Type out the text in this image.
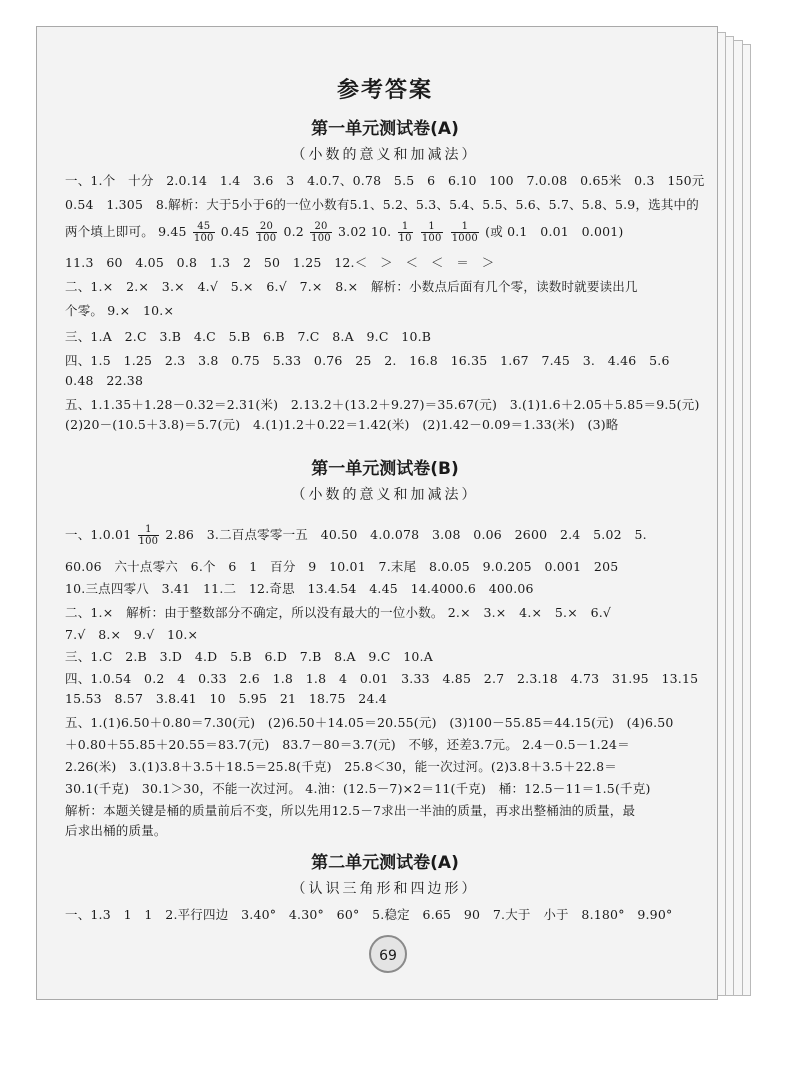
参考答案
第一单元测试卷(A)
（小数的意义和加减法）
一、1.个　十分　2.0.14　1.4　3.6　3　4.0.7、0.78　5.5　6　6.10　100　7.0.08　0.65米　0.3　150元
0.54　1.305　8.解析：大于5小于6的一位小数有5.1、5.2、5.3、5.4、5.5、5.6、5.7、5.8、5.9，选其中的
两个填上即可。 $9.45 \frac{45}{100} 0.45 \frac{20}{100} 0.2 \frac{20}{100} 3.02$ 10. $\frac{1}{10}$
$\frac{1}{100}$
$\frac{1}{1000}$ (或 0.1　0.01　0.001)
11.3　60　4.05　0.8　1.3　2　50　1.25　12.＜　＞　＜　＜　＝　＞
二、1.×　2.×　3.×　4.√　5.×　6.√　7.×　8.×　解析：小数点后面有几个零，读数时就要读出几
个零。 9.×　10.×
三、1.A　2.C　3.B　4.C　5.B　6.B　7.C　8.A　9.C　10.B
四、1.5　1.25　2.3　3.8　0.75　5.33　0.76　25　2.　16.8　16.35　1.67　7.45　3.　4.46　5.6
0.48　22.38
五、1.1.35＋1.28－0.32＝2.31(米)　2.13.2＋(13.2＋9.27)＝35.67(元)　3.(1)1.6＋2.05＋5.85＝9.5(元)
(2)20－(10.5＋3.8)＝5.7(元)　4.(1)1.2＋0.22＝1.42(米)　(2)1.42－0.09＝1.33(米)　(3)略
第一单元测试卷(B)
（小数的意义和加减法）
一、$1.0.01 \frac{1}{100} 2.86$　3.二百点零零一五　40.50　4.0.078　3.08　0.06　2600　2.4　5.02　5.
60.06　六十点零六　6.个　6　1　百分　9　10.01　7.末尾　8.0.05　9.0.205　0.001　205
10.三点四零八　3.41　11.二　12.奇思　13.4.54　4.45　14.4000.6　400.06
二、1.×　解析：由于整数部分不确定，所以没有最大的一位小数。 2.×　3.×　4.×　5.×　6.√
7.√　8.×　9.√　10.×
三、1.C　2.B　3.D　4.D　5.B　6.D　7.B　8.A　9.C　10.A
四、1.0.54　0.2　4　0.33　2.6　1.8　1.8　4　0.01　3.33　4.85　2.7　2.3.18　4.73　31.95　13.15
15.53　8.57　3.8.41　10　5.95　21　18.75　24.4
五、1.(1)6.50＋0.80＝7.30(元)　(2)6.50＋14.05＝20.55(元)　(3)100－55.85＝44.15(元)　(4)6.50
＋0.80＋55.85＋20.55＝83.7(元)　83.7－80＝3.7(元)　不够，还差3.7元。 2.4－0.5－1.24＝
2.26(米)　3.(1)3.8＋3.5＋18.5＝25.8(千克)　25.8＜30，能一次过河。(2)3.8＋3.5＋22.8＝
30.1(千克)　30.1＞30，不能一次过河。 4.油：(12.5－7)×2＝11(千克)　桶：12.5－11＝1.5(千克)
解析：本题关键是桶的质量前后不变，所以先用12.5－7求出一半油的质量，再求出整桶油的质量，最
后求出桶的质量。
第二单元测试卷(A)
（认识三角形和四边形）
一、1.3　1　1　2.平行四边　3.40°　4.30°　60°　5.稳定　6.65　90　7.大于　小于　8.180°　9.90°
69
